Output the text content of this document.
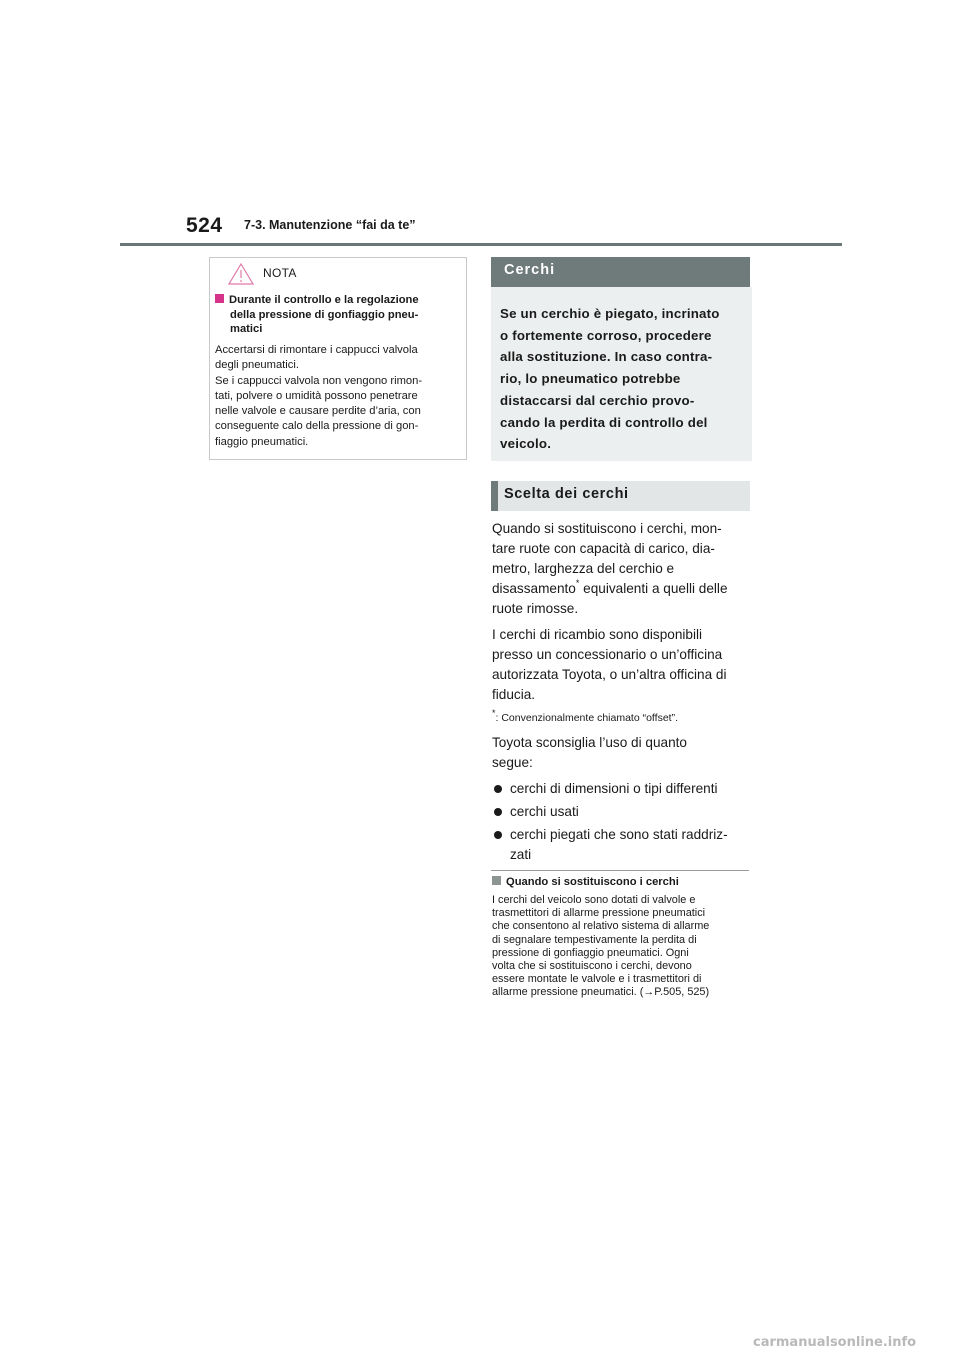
524 7-3. Manutenzione “fai da te”
NOTA
Durante il controllo e la regolazione
della pressione di gonfiaggio pneu-
matici

Accertarsi di rimontare i cappucci valvola

degli pneumatici.

Se i cappucci valvola non vengono rimon-

tati, polvere o umidità possono penetrare

nelle valvole e causare perdite d’aria, con

conseguente calo della pressione di gon-

fiaggio pneumatici.

Cerchi
Se un cerchio è piegato, incrinato
o fortemente corroso, procedere
alla sostituzione. In caso contra-
rio, lo pneumatico potrebbe
distaccarsi dal cerchio provo-
cando la perdita di controllo del
veicolo.
Scelta dei cerchi

Quando si sostituiscono i cerchi, mon-
tare ruote con capacità di carico, dia-
metro, larghezza del cerchio e
disassamento* equivalenti a quelli delle
ruote rimosse.

I cerchi di ricambio sono disponibili
presso un concessionario o un’officina
autorizzata Toyota, o un’altra officina di
fiducia.

*: Convenzionalmente chiamato “offset”.

Toyota sconsiglia l’uso di quanto
segue:

cerchi di dimensioni o tipi differenti
cerchi usati
cerchi piegati che sono stati raddriz-
zati
Quando si sostituiscono i cerchi
I cerchi del veicolo sono dotati di valvole e
trasmettitori di allarme pressione pneumatici
che consentono al relativo sistema di allarme
di segnalare tempestivamente la perdita di
pressione di gonfiaggio pneumatici. Ogni
volta che si sostituiscono i cerchi, devono
essere montate le valvole e i trasmettitori di
allarme pressione pneumatici. (→P.505, 525)
carmanualsonline.info
